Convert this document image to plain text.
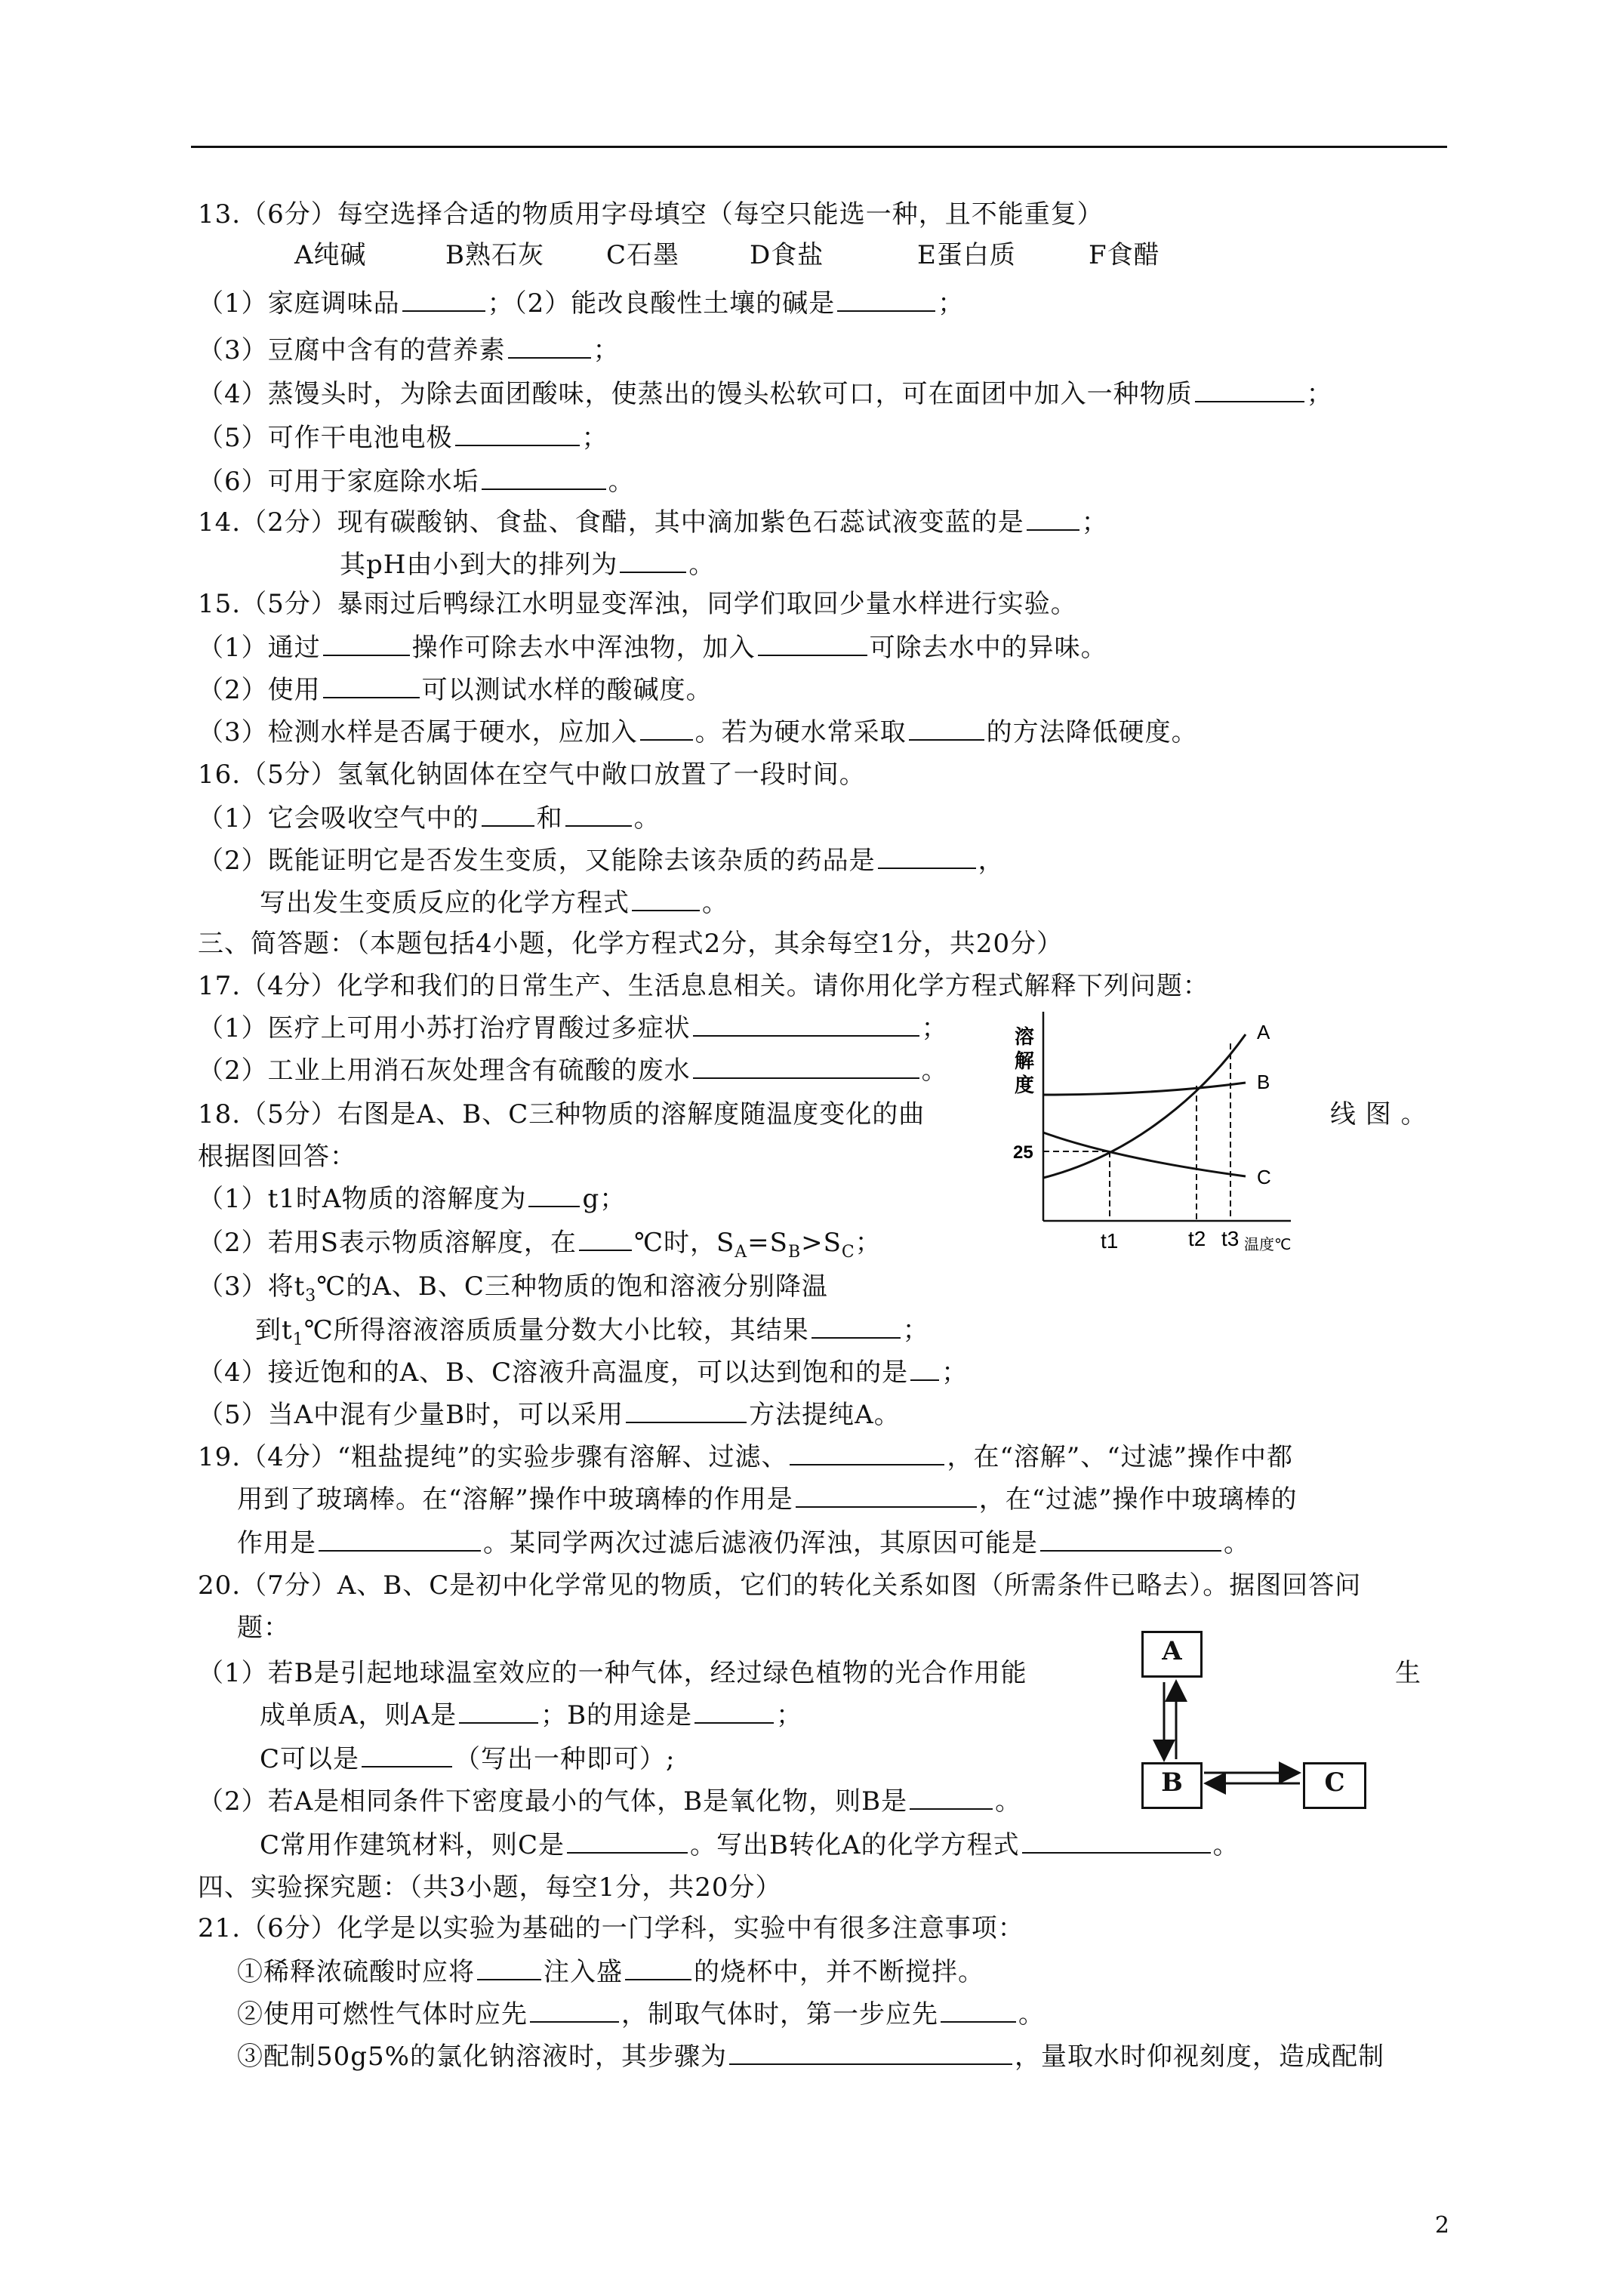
13.（6分）每空选择合适的物质用字母填空（每空只能选一种，且不能重复）
A纯碱	B熟石灰 C石墨	D食盐	E蛋白质	F食醋
（1）家庭调味品	；（2）能改良酸性土壤的碱是	；
（3）豆腐中含有的营养素	；
（4）蒸馒头时，为除去面团酸味，使蒸出的馒头松软可口，可在面团中加入一种物质	；
（5）可作干电池电极	；
（6）可用于家庭除水垢	。
14.（2分）现有碳酸钠、食盐、食醋，其中滴加紫色石蕊试液变蓝的是 ；
其pH由小到大的排列为	。
15.（5分）暴雨过后鸭绿江水明显变浑浊，同学们取回少量水样进行实验。
（1）通过	操作可除去水中浑浊物，加入	可除去水中的异味。
（2）使用	可以测试水样的酸碱度。
（3）检测水样是否属于硬水，应加入 。若为硬水常采取	的方法降低硬度。
16.（5分）氢氧化钠固体在空气中敞口放置了一段时间。
（1）它会吸收空气中的 和	。
（2）既能证明它是否发生变质，又能除去该杂质的药品是	，
写出发生变质反应的化学方程式	。
三、简答题：（本题包括4小题，化学方程式2分，其余每空1分，共20分）
17.（4分）化学和我们的日常生产、生活息息相关。请你用化学方程式解释下列问题：
（1）医疗上可用小苏打治疗胃酸过多症状	；
（2）工业上用消石灰处理含有硫酸的废水	。
18.（5分）右图是A、B、C三种物质的溶解度随温度变化的曲	线 图 。
根据图回答：
（1）t1时A物质的溶解度为 g；
（2）若用S表示物质溶解度，在 ℃时，$S_A=S_B>S_C$；
（3）将$t_3℃$的A、B、C三种物质的饱和溶液分别降温
到$t_1℃$所得溶液溶质质量分数大小比较，其结果	；
（4）接近饱和的A、B、C溶液升高温度，可以达到饱和的是 ；
（5）当A中混有少量B时，可以采用	方法提纯A。
溶
解
度
25
A
B
C
t1	t2 t3 温度℃
19.（4分）“粗盐提纯”的实验步骤有溶解、过滤、	，在“溶解”、“过滤”操作中都
用到了玻璃棒。在“溶解”操作中玻璃棒的作用是	，在“过滤”操作中玻璃棒的
作用是	。某同学两次过滤后滤液仍浑浊，其原因可能是	。
20.（7分）A、B、C是初中化学常见的物质，它们的转化关系如图（所需条件已略去）。据图回答问
题：
（1）若B是引起地球温室效应的一种气体，经过绿色植物的光合作用能	生
成单质A，则A是	；B的用途是	；
C可以是	（写出一种即可）;
（2）若A是相同条件下密度最小的气体，B是氧化物，则B是	。
C常用作建筑材料，则C是	。写出B转化A的化学方程式	。
A
B	C
四、实验探究题：（共3小题，每空1分，共20分）
21.（6分）化学是以实验为基础的一门学科，实验中有很多注意事项：
①稀释浓硫酸时应将	注入盛	的烧杯中，并不断搅拌。
②使用可燃性气体时应先	，制取气体时，第一步应先	。
③配制50g5%的氯化钠溶液时，其步骤为	，量取水时仰视刻度，造成配制
2
